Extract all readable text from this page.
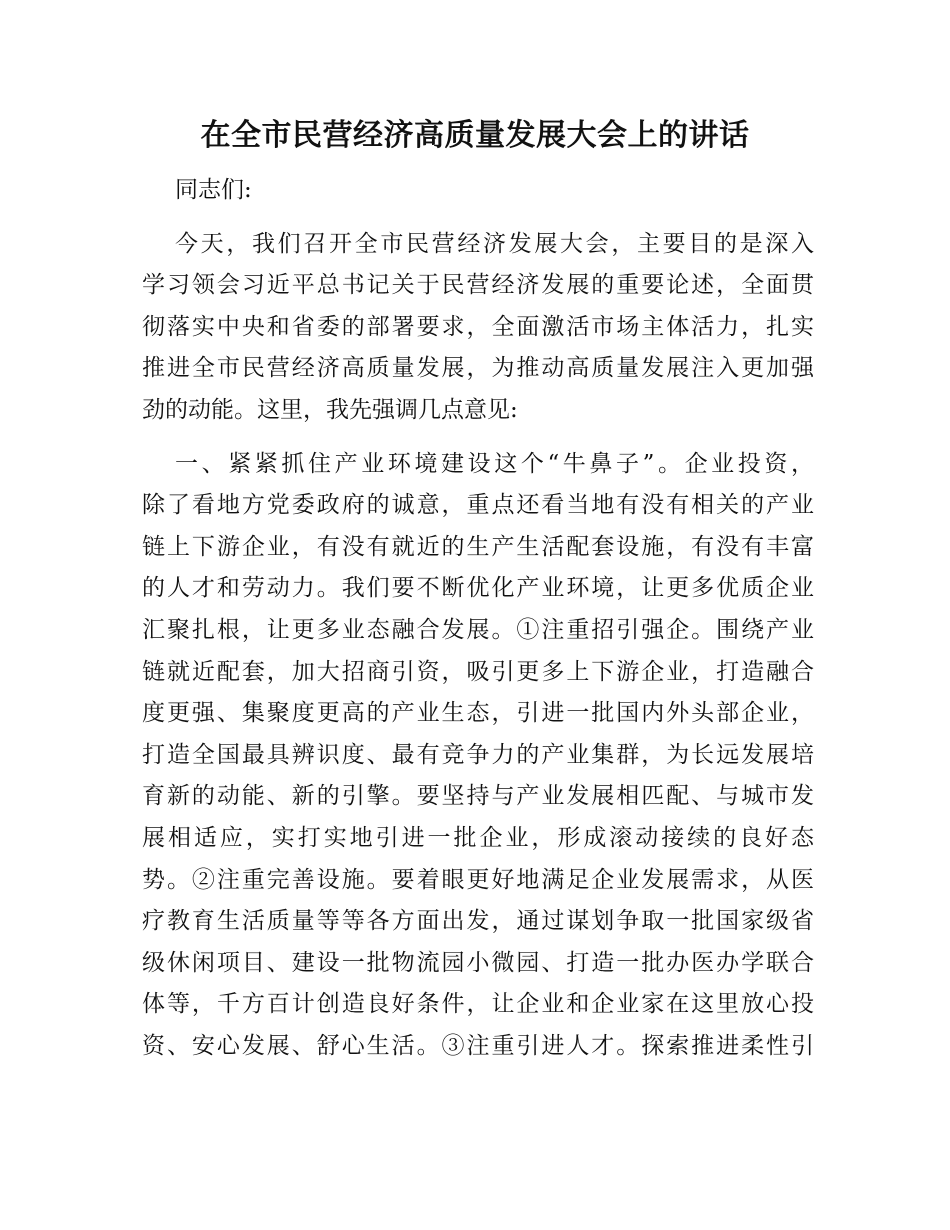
在全市民营经济高质量发展大会上的讲话
同志们:
今天，我们召开全市民营经济发展大会，主要目的是深入
学习领会习近平总书记关于民营经济发展的重要论述，全面贯
彻落实中央和省委的部署要求，全面激活市场主体活力，扎实
推进全市民营经济高质量发展，为推动高质量发展注入更加强
劲的动能。这里，我先强调几点意见:
一、紧紧抓住产业环境建设这个“牛鼻子”。企业投资，
除了看地方党委政府的诚意，重点还看当地有没有相关的产业
链上下游企业，有没有就近的生产生活配套设施，有没有丰富
的人才和劳动力。我们要不断优化产业环境，让更多优质企业
汇聚扎根，让更多业态融合发展。①注重招引强企。围绕产业
链就近配套，加大招商引资，吸引更多上下游企业，打造融合
度更强、集聚度更高的产业生态，引进一批国内外头部企业，
打造全国最具辨识度、最有竞争力的产业集群，为长远发展培
育新的动能、新的引擎。要坚持与产业发展相匹配、与城市发
展相适应，实打实地引进一批企业，形成滚动接续的良好态
势。②注重完善设施。要着眼更好地满足企业发展需求，从医
疗教育生活质量等等各方面出发，通过谋划争取一批国家级省
级休闲项目、建设一批物流园小微园、打造一批办医办学联合
体等，千方百计创造良好条件，让企业和企业家在这里放心投
资、安心发展、舒心生活。③注重引进人才。探索推进柔性引
